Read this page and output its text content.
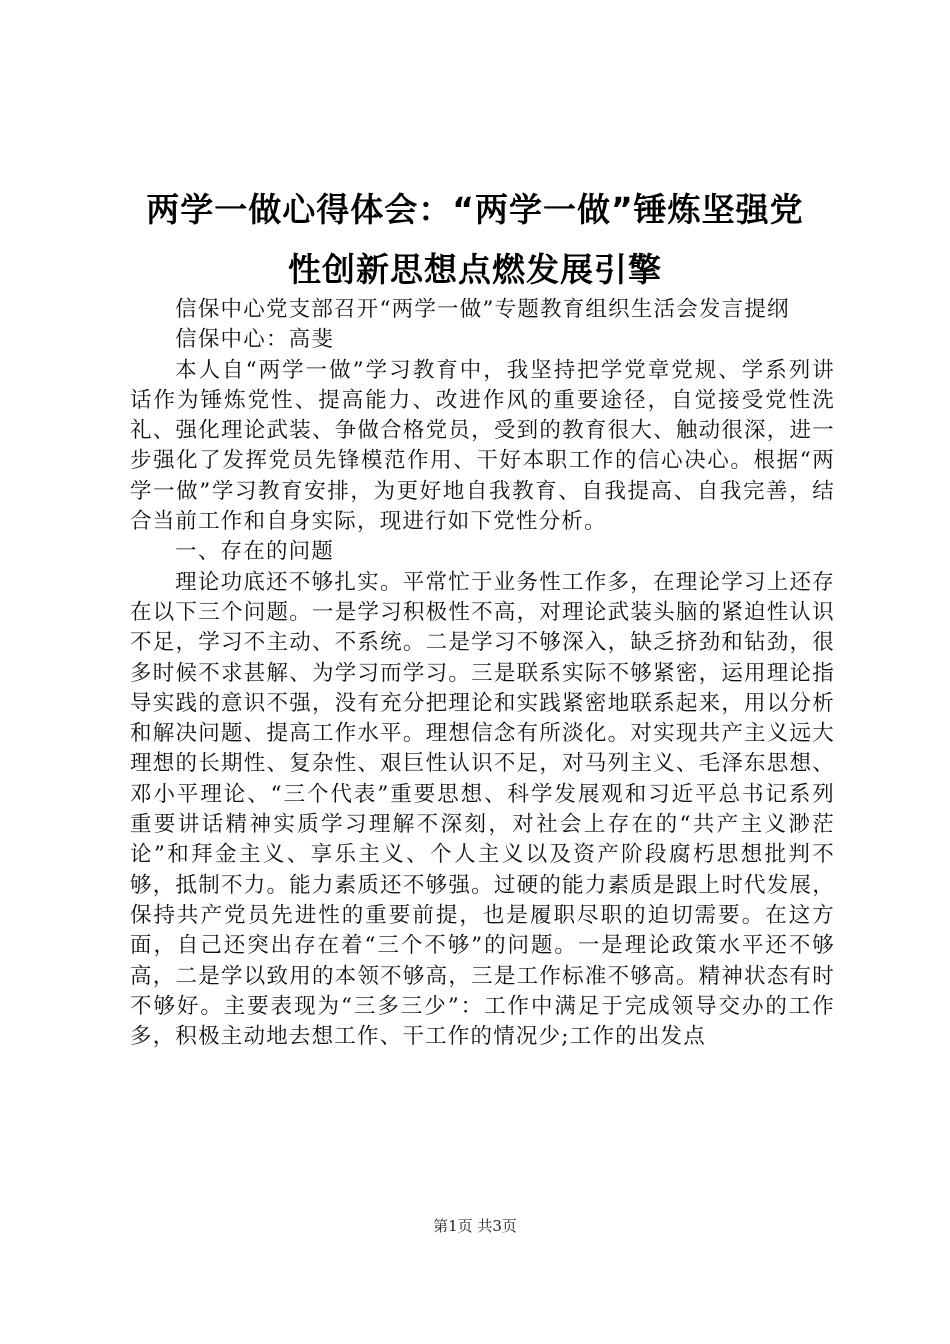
两学一做心得体会：“两学一做”锤炼坚强党
性创新思想点燃发展引擎

信保中心党支部召开“两学一做”专题教育组织生活会发言提纲

信保中心：高斐

本人自“两学一做”学习教育中，我坚持把学党章党规、学系列讲话作为锤炼党性、提高能力、改进作风的重要途径，自觉接受党性洗礼、强化理论武装、争做合格党员，受到的教育很大、触动很深，进一步强化了发挥党员先锋模范作用、干好本职工作的信心决心。根据“两学一做”学习教育安排，为更好地自我教育、自我提高、自我完善，结合当前工作和自身实际，现进行如下党性分析。

一、存在的问题

理论功底还不够扎实。平常忙于业务性工作多，在理论学习上还存在以下三个问题。一是学习积极性不高，对理论武装头脑的紧迫性认识不足，学习不主动、不系统。二是学习不够深入，缺乏挤劲和钻劲，很多时候不求甚解、为学习而学习。三是联系实际不够紧密，运用理论指导实践的意识不强，没有充分把理论和实践紧密地联系起来，用以分析和解决问题、提高工作水平。理想信念有所淡化。对实现共产主义远大理想的长期性、复杂性、艰巨性认识不足，对马列主义、毛泽东思想、邓小平理论、“三个代表”重要思想、科学发展观和习近平总书记系列重要讲话精神实质学习理解不深刻，对社会上存在的“共产主义渺茫论”和拜金主义、享乐主义、个人主义以及资产阶段腐朽思想批判不够，抵制不力。能力素质还不够强。过硬的能力素质是跟上时代发展，保持共产党员先进性的重要前提，也是履职尽职的迫切需要。在这方面，自己还突出存在着“三个不够”的问题。一是理论政策水平还不够高，二是学以致用的本领不够高，三是工作标准不够高。精神状态有时不够好。主要表现为“三多三少”：工作中满足于完成领导交办的工作多，积极主动地去想工作、干工作的情况少;工作的出发点

第1页 共3页
